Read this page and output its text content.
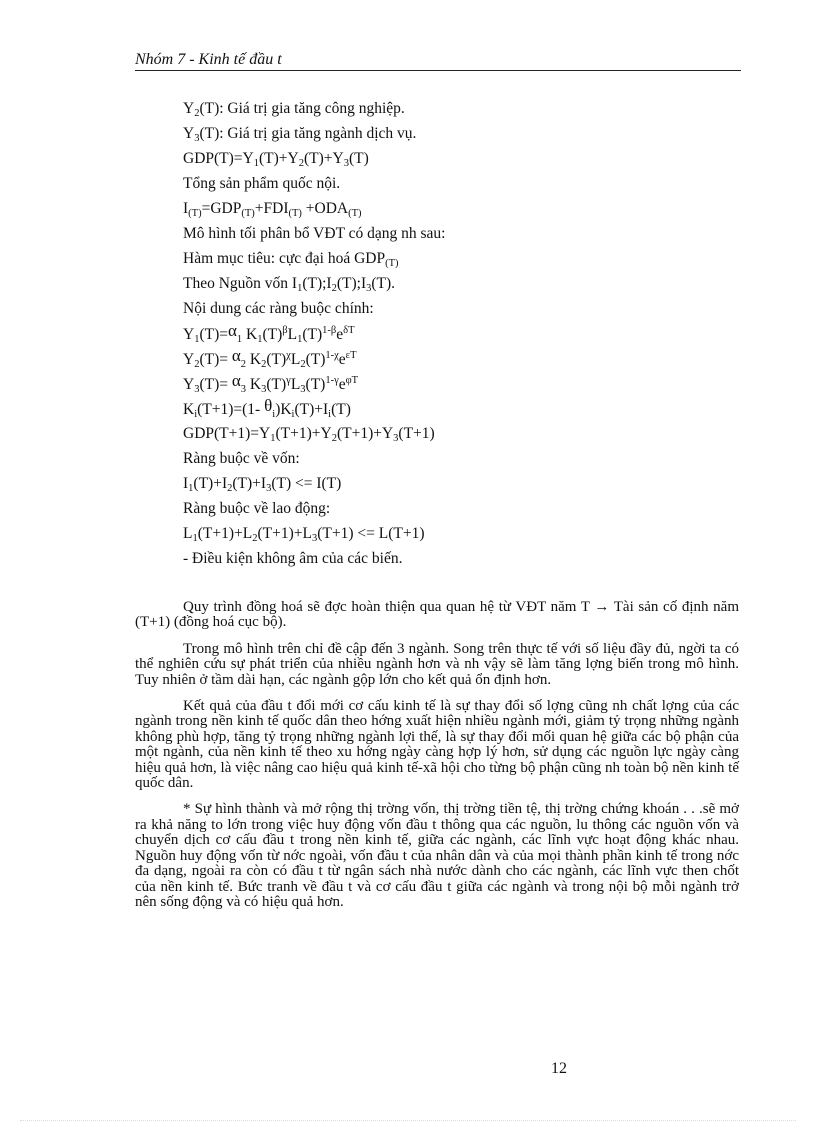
Nhóm 7 - Kinh tế đầu t
$Y_2(T)$: Giá trị gia tăng công nghiệp.
$Y_3(T)$: Giá trị gia tăng ngành dịch vụ.
$GDP(T)=Y_1(T)+Y_2(T)+Y_3(T)$
Tổng sản phẩm quốc nội.
$I_{(T)}=GDP_{(T)}+FDI_{(T)} +ODA_{(T)}$
Mô hình tối phân bổ VĐT có dạng nh sau:
Hàm mục tiêu: cực đại hoá $GDP_{(T)}$
Theo Nguồn vốn $I_1(T);I_2(T);I_3(T)$.
Nội dung các ràng buộc chính:
$Y_1(T)=\alpha_1$ $K_1(T)^\beta L_1(T)^{1-\beta}e^{\delta T}$
$Y_2(T)= \alpha_2$ $K_2(T)^\chi L_2(T)^{1-\chi}e^{\varepsilon T}$
$Y_3(T)= \alpha_3$ $K_3(T)^\gamma L_3(T)^{1-\gamma}e^{\varphi T}$
$K_i(T+1)=(1-$ $\theta_i)K_i(T)+I_i(T)$
$GDP(T+1)=Y_1(T+1)+Y_2(T+1)+Y_3(T+1)$
Ràng buộc về vốn:
$I_1(T)+I_2(T)+I_3(T) <= I(T)$
Ràng buộc về lao động:
$L_1(T+1)+L_2(T+1)+L_3(T+1) <= L(T+1)$
- Điều kiện không âm của các biến.

Quy trình đồng hoá sẽ đợc hoàn thiện qua quan hệ từ VĐT năm T → Tài sản cố định năm (T+1) (đồng hoá cục bộ).

Trong mô hình trên chỉ đề cập đến 3 ngành. Song trên thực tế với số liệu đầy đủ, ngời ta có thể nghiên cứu sự phát triển của nhiều ngành hơn và nh vậy sẽ làm tăng lợng biến trong mô hình. Tuy nhiên ở tầm dài hạn, các ngành gộp lớn cho kết quả ổn định hơn.

Kết quả của đầu t đổi mới cơ cấu kinh tế là sự thay đổi số lợng cũng nh chất lợng của các ngành trong nền kinh tế quốc dân theo hớng xuất hiện nhiều ngành mới, giảm tỷ trọng những ngành không phù hợp, tăng tỷ trọng những ngành lợi thế, là sự thay đổi mối quan hệ giữa các bộ phận của một ngành, của nền kinh tế theo xu hớng ngày càng hợp lý hơn, sử dụng các nguồn lực ngày càng hiệu quả hơn, là việc nâng cao hiệu quả kinh tế-xã hội cho từng bộ phận cũng nh toàn bộ nền kinh tế quốc dân.

* Sự hình thành và mở rộng thị trờng vốn, thị trờng tiền tệ, thị trờng chứng khoán . . .sẽ mở ra khả năng to lớn trong việc huy động vốn đầu t thông qua các nguồn, lu thông các nguồn vốn và chuyển dịch cơ cấu đầu t trong nền kinh tế, giữa các ngành, các lĩnh vực hoạt động khác nhau. Nguồn huy động vốn từ nớc ngoài, vốn đầu t của nhân dân và của mọi thành phần kinh tế trong nớc đa dạng, ngoài ra còn có đầu t từ ngân sách nhà nước dành cho các ngành, các lĩnh vực then chốt của nền kinh tế. Bức tranh về đầu t và cơ cấu đầu t giữa các ngành và trong nội bộ mỗi ngành trở nên sống động và có hiệu quả hơn.

12
